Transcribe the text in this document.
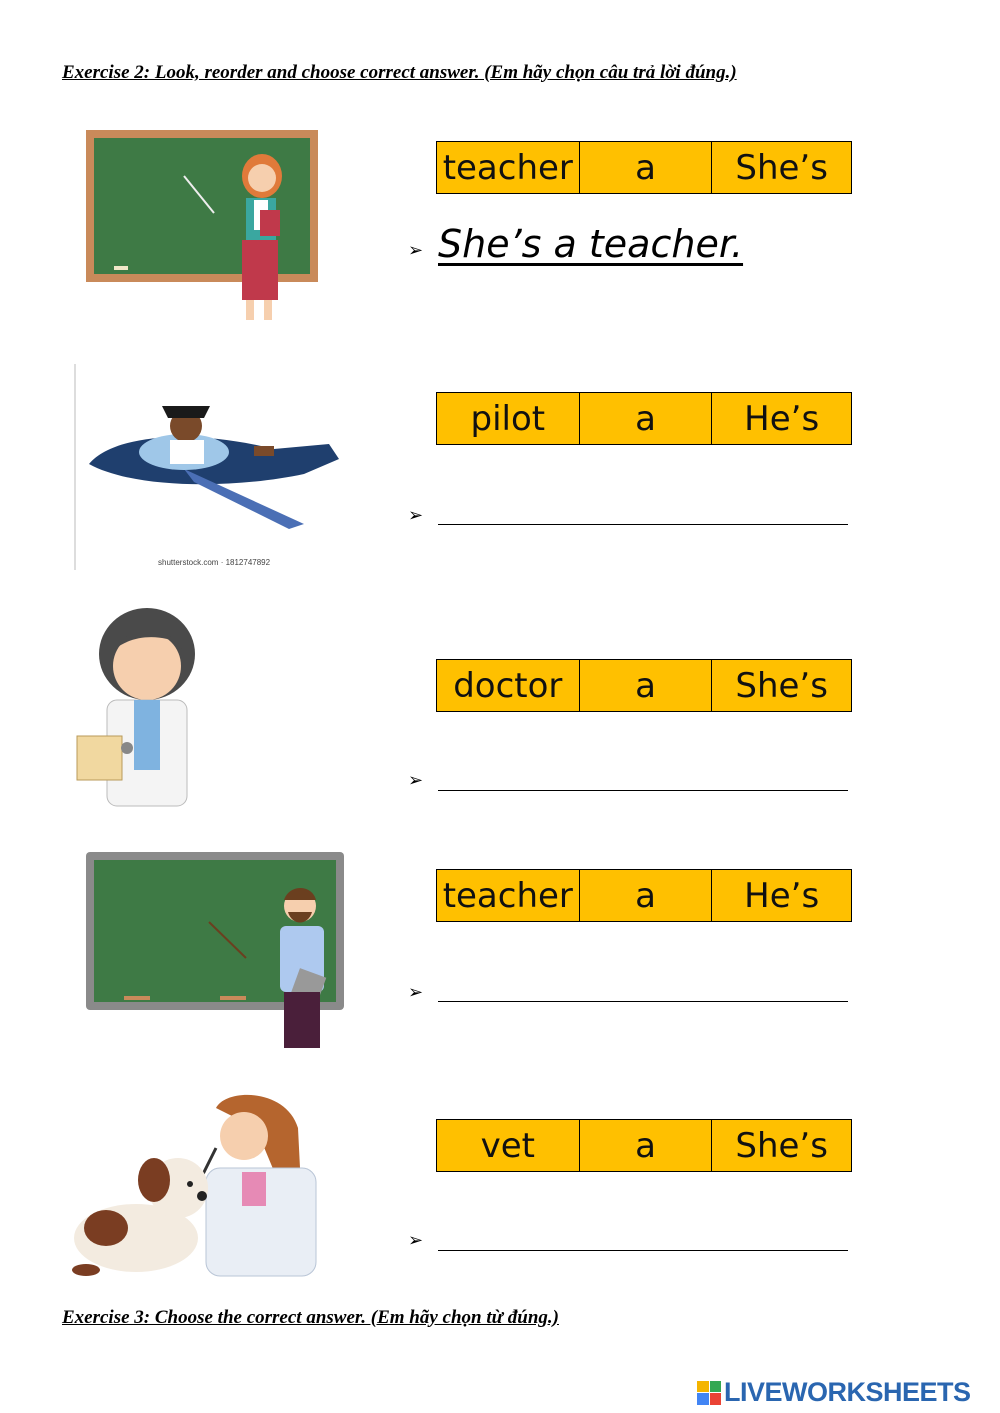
Exercise 2: Look, reorder and choose correct answer. (Em hãy chọn câu trả lời đúng.)
teacher	a	She’s
➢ She’s a teacher.
shutterstock.com · 1812747892
pilot	a	He’s
➢
doctor	a	She’s
➢
teacher	a	He’s
➢
vet	a	She’s
➢
Exercise 3: Choose the correct answer. (Em hãy chọn từ đúng.)
LIVEWORKSHEETS
